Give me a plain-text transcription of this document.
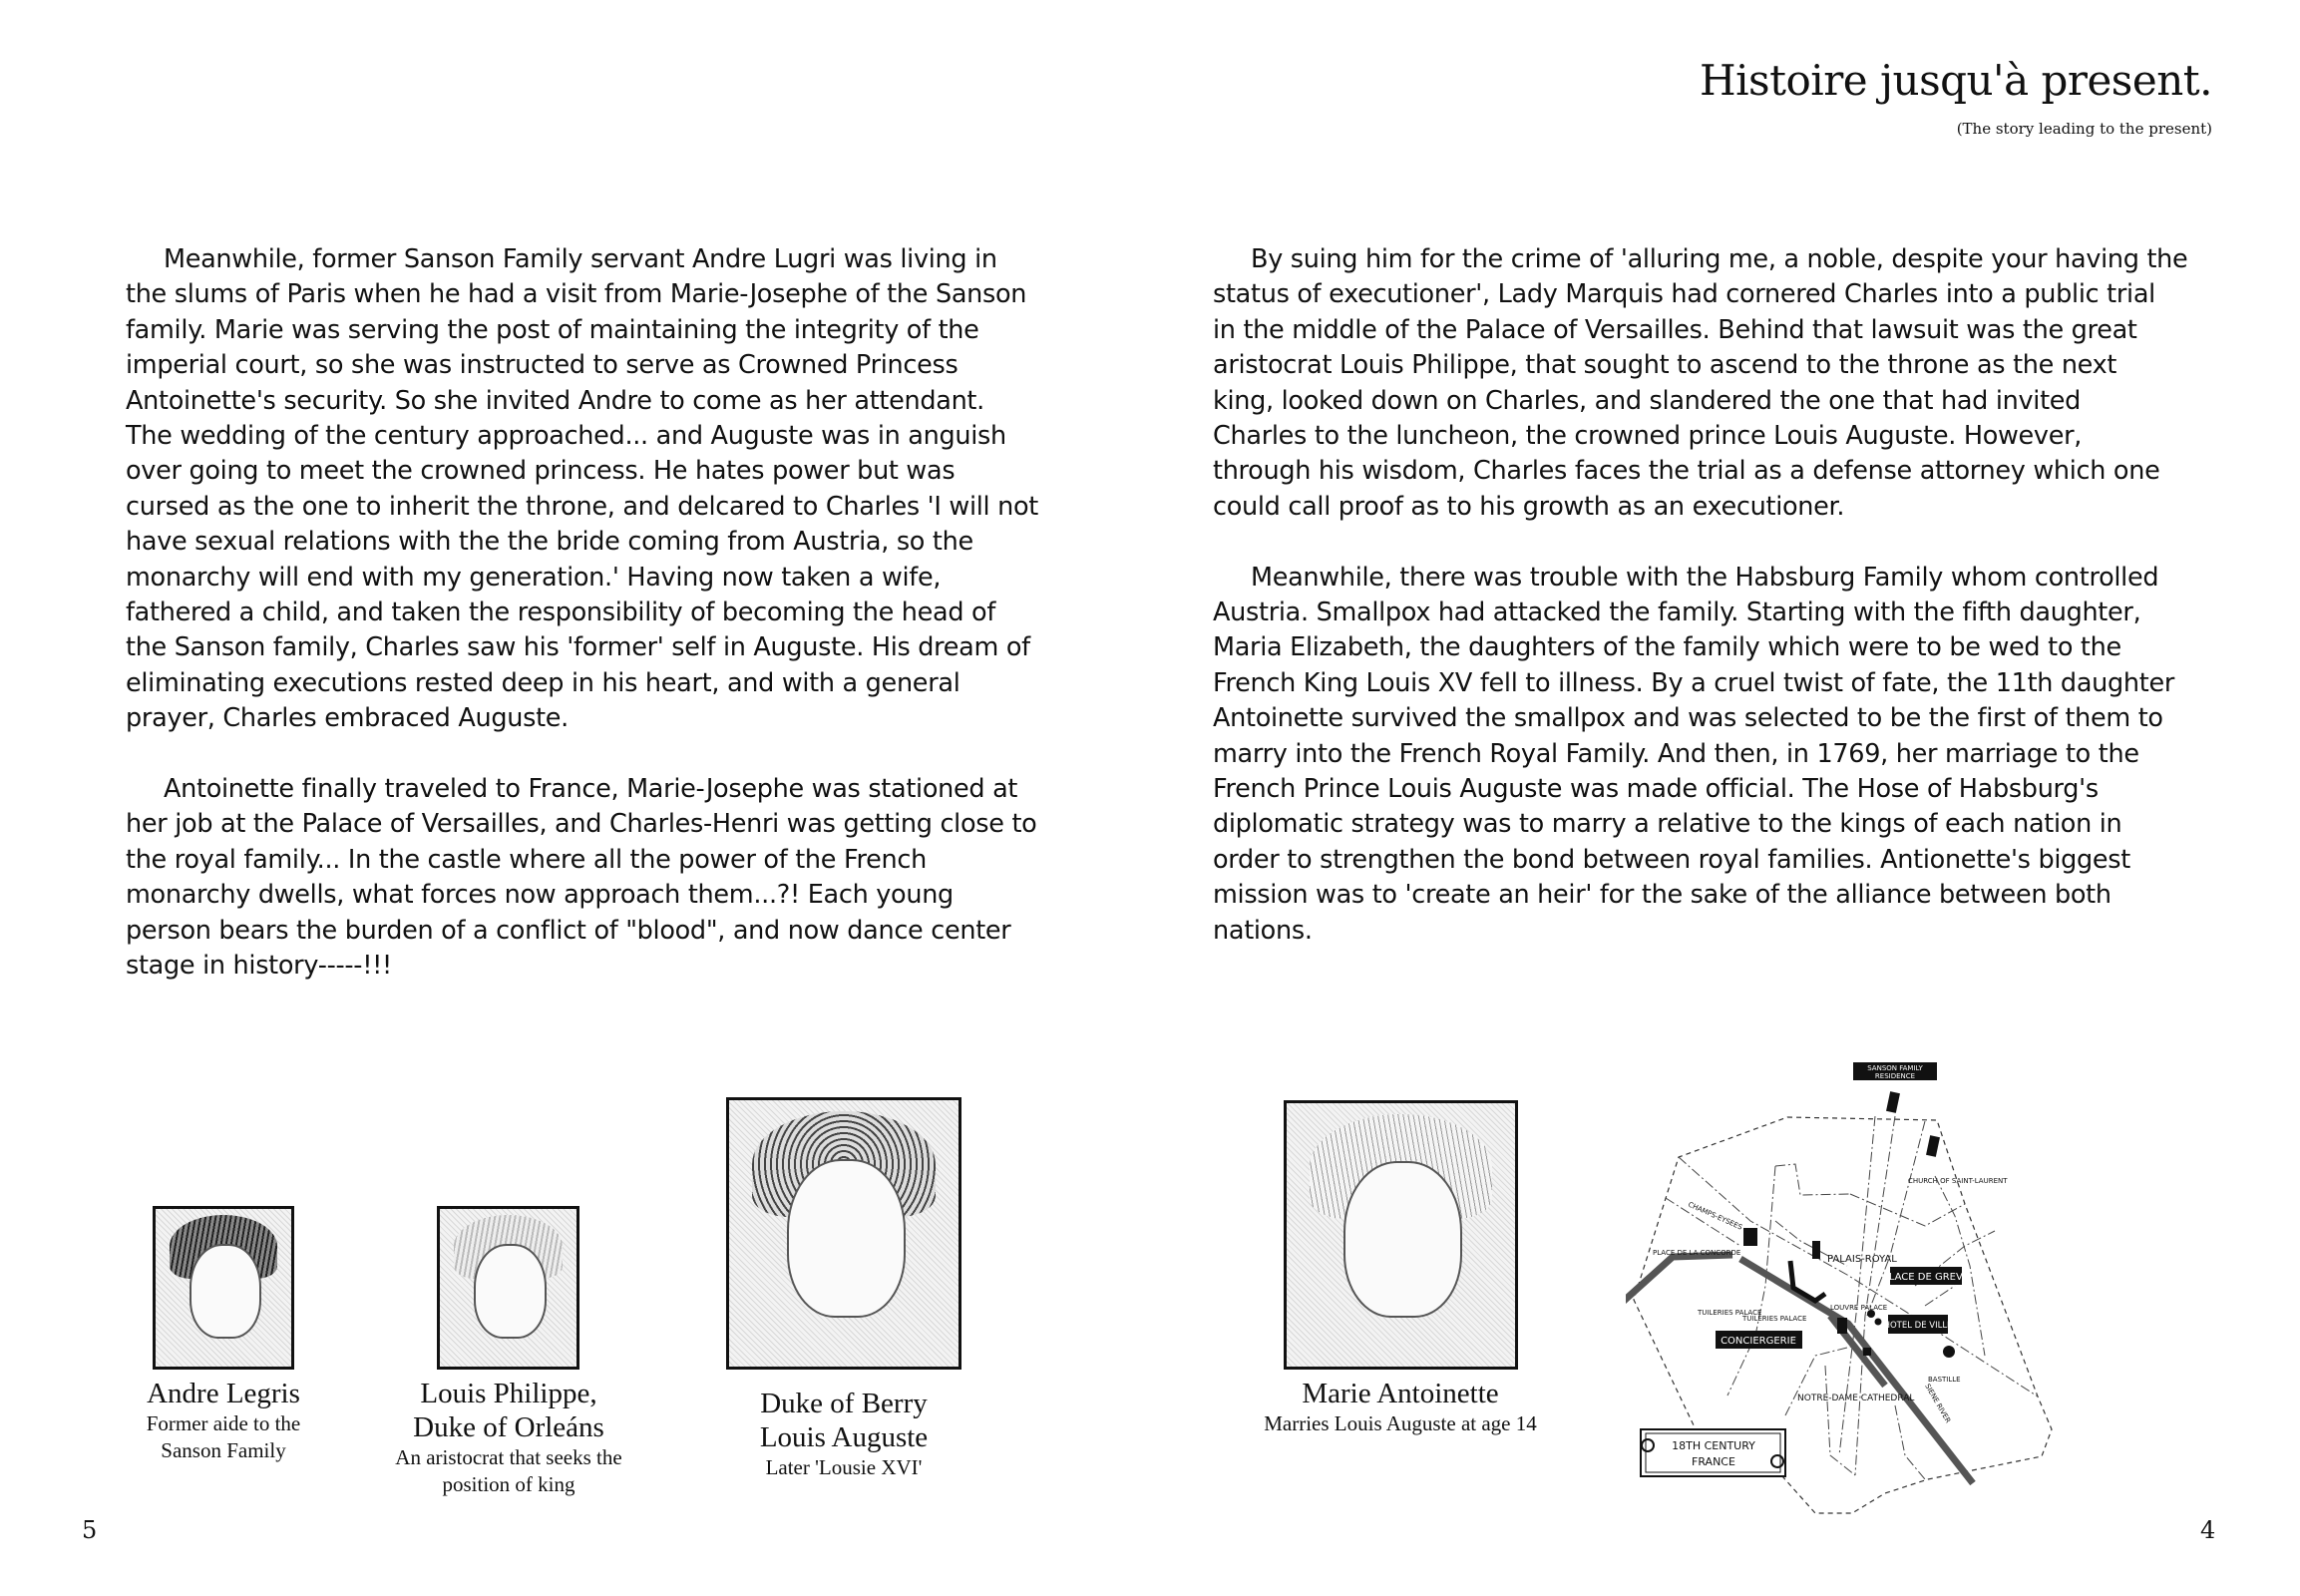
Histoire jusqu'à present.
(The story leading to the present)
Meanwhile, former Sanson Family servant Andre Lugri was living in
the slums of Paris when he had a visit from Marie-Josephe of the Sanson
family. Marie was serving the post of maintaining the integrity of the
imperial court, so she was instructed to serve as Crowned Princess
Antoinette's security. So she invited Andre to come as her attendant.
The wedding of the century approached... and Auguste was in anguish
over going to meet the crowned princess. He hates power but was
cursed as the one to inherit the throne, and delcared to Charles 'I will not
have sexual relations with the the bride coming from Austria, so the
monarchy will end with my generation.' Having now taken a wife,
fathered a child, and taken the responsibility of becoming the head of
the Sanson family, Charles saw his 'former' self in Auguste. His dream of
eliminating executions rested deep in his heart, and with a general
prayer, Charles embraced Auguste.
Antoinette finally traveled to France, Marie-Josephe was stationed at
her job at the Palace of Versailles, and Charles-Henri was getting close to
the royal family... In the castle where all the power of the French
monarchy dwells, what forces now approach them...?! Each young
person bears the burden of a conflict of "blood", and now dance center
stage in history-----!!!
By suing him for the crime of 'alluring me, a noble, despite your having the
status of executioner', Lady Marquis had cornered Charles into a public trial
in the middle of the Palace of Versailles. Behind that lawsuit was the great
aristocrat Louis Philippe, that sought to ascend to the throne as the next
king, looked down on Charles, and slandered the one that had invited
Charles to the luncheon, the crowned prince Louis Auguste. However,
through his wisdom, Charles faces the trial as a defense attorney which one
could call proof as to his growth as an executioner.
Meanwhile, there was trouble with the Habsburg Family whom controlled
Austria. Smallpox had attacked the family. Starting with the fifth daughter,
Maria Elizabeth, the daughters of the family which were to be wed to the
French King Louis XV fell to illness. By a cruel twist of fate, the 11th daughter
Antoinette survived the smallpox and was selected to be the first of them to
marry into the French Royal Family. And then, in 1769, her marriage to the
French Prince Louis Auguste was made official. The Hose of Habsburg's
diplomatic strategy was to marry a relative to the kings of each nation in
order to strengthen the bond between royal families. Antionette's biggest
mission was to 'create an heir' for the sake of the alliance between both
nations.
Andre Legris
Former aide to the
Sanson Family
Louis Philippe,
Duke of Orleáns
An aristocrat that seeks the
position of king
Duke of Berry
Louis Auguste
Later 'Lousie XVI'
Marie Antoinette
Marries Louis Auguste at age 14
SANSON FAMILY
RESIDENCE
CHURCH OF SAINT-LAURENT
CHAMPS-EYSEES
PLACE DE LA CONCORDE
PALAIS-ROYAL
PLACE DE GREVE
LOUVRE PALACE
TUILERIES PALACE
TUILERIES PALACE
HOTEL DE VILLE
CONCIERGERIE
BASTILLE
NOTRE-DAME CATHEDRAL SIENE RIVER
18TH CENTURY
FRANCE
5	4
